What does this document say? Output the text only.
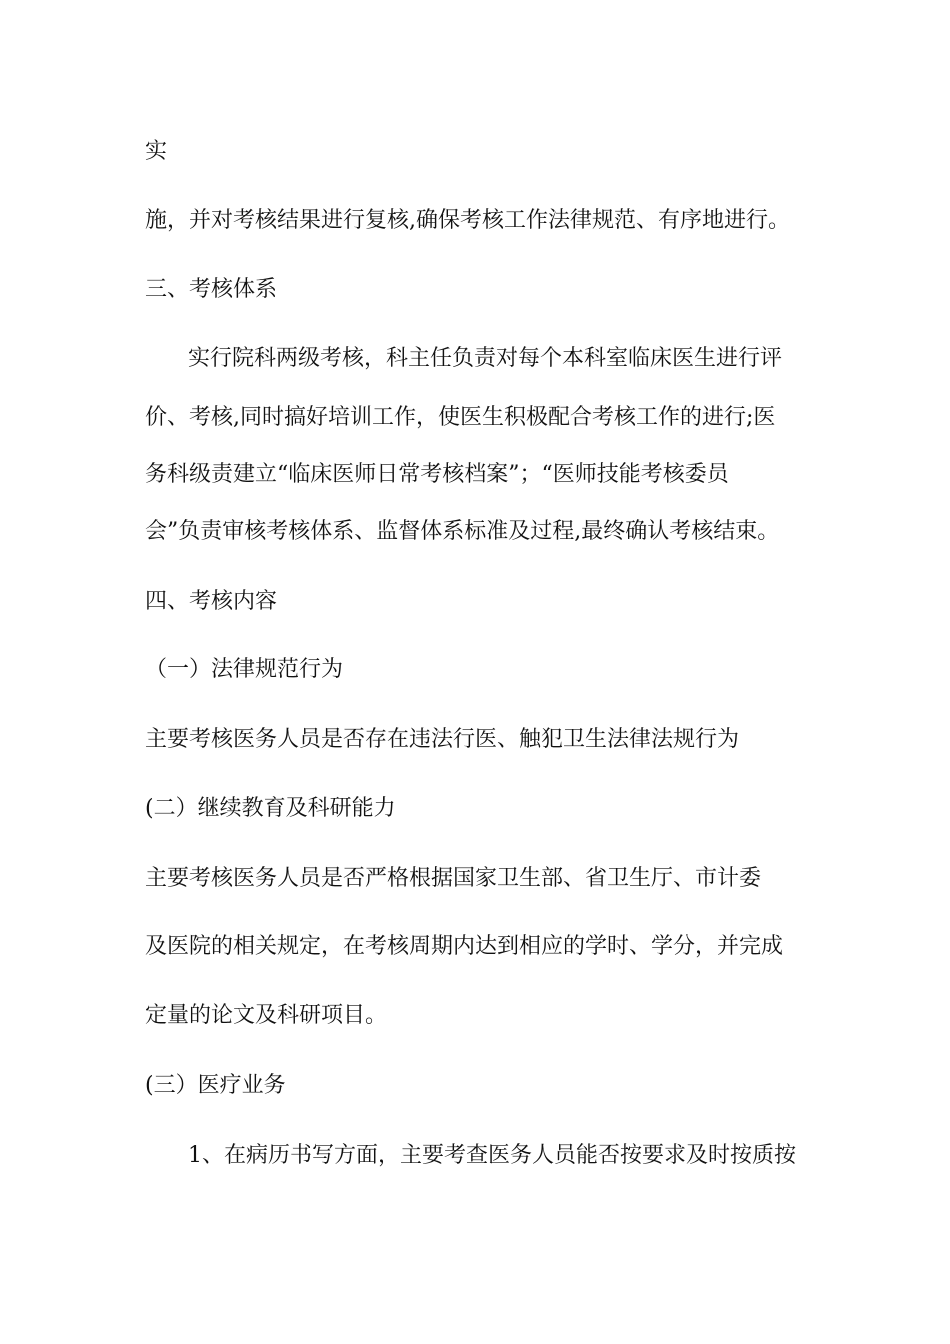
实
施，并对考核结果进行复核,确保考核工作法律规范、有序地进行。
三、考核体系
实行院科两级考核，科主任负责对每个本科室临床医生进行评
价、考核,同时搞好培训工作，使医生积极配合考核工作的进行;医
务科级责建立“临床医师日常考核档案”；“医师技能考核委员
会”负责审核考核体系、监督体系标准及过程,最终确认考核结束。
四、考核内容
（一）法律规范行为
主要考核医务人员是否存在违法行医、触犯卫生法律法规行为
(二）继续教育及科研能力
主要考核医务人员是否严格根据国家卫生部、省卫生厅、市计委
及医院的相关规定，在考核周期内达到相应的学时、学分，并完成
定量的论文及科研项目。
(三）医疗业务
1、在病历书写方面，主要考查医务人员能否按要求及时按质按
